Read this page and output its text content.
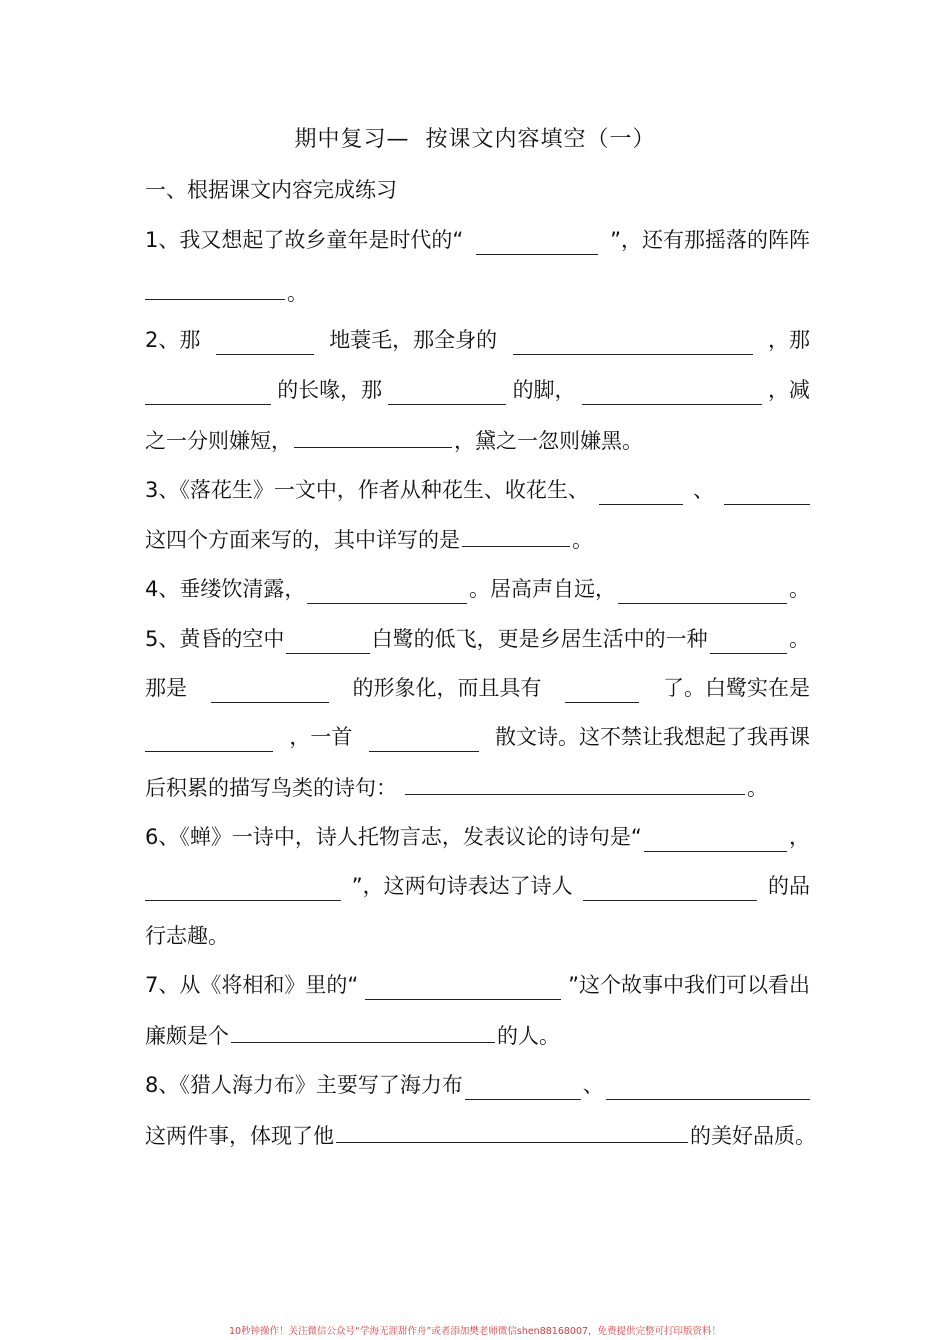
期中复习—  按课文内容填空（一）
一、根据课文内容完成练习
1、我又想起了故乡童年是时代的“	”，还有那摇落的阵阵
。
2、那	地蓑毛，那全身的	，那
的长喙，那	的脚，	，减
之一分则嫌短，	，黛之一忽则嫌黑。
3、《落花生》一文中，作者从种花生、收花生、	、
这四个方面来写的，其中详写的是	。
4、垂缕饮清露，	。居高声自远，	。
5、黄昏的空中	白鹭的低飞，更是乡居生活中的一种	。
那是	的形象化，而且具有	了。白鹭实在是
，一首	散文诗。这不禁让我想起了我再课
后积累的描写鸟类的诗句：	。
6、《蝉》一诗中，诗人托物言志，发表议论的诗句是“	，
”，这两句诗表达了诗人	的品
行志趣。
7、从《将相和》里的“	”这个故事中我们可以看出
廉颇是个	的人。
8、《猎人海力布》主要写了海力布	、
这两件事，体现了他	的美好品质。
10秒钟操作！关注微信公众号“学海无涯甜作舟”或者添加樊老师微信shen88168007，免费提供完整可打印版资料！
